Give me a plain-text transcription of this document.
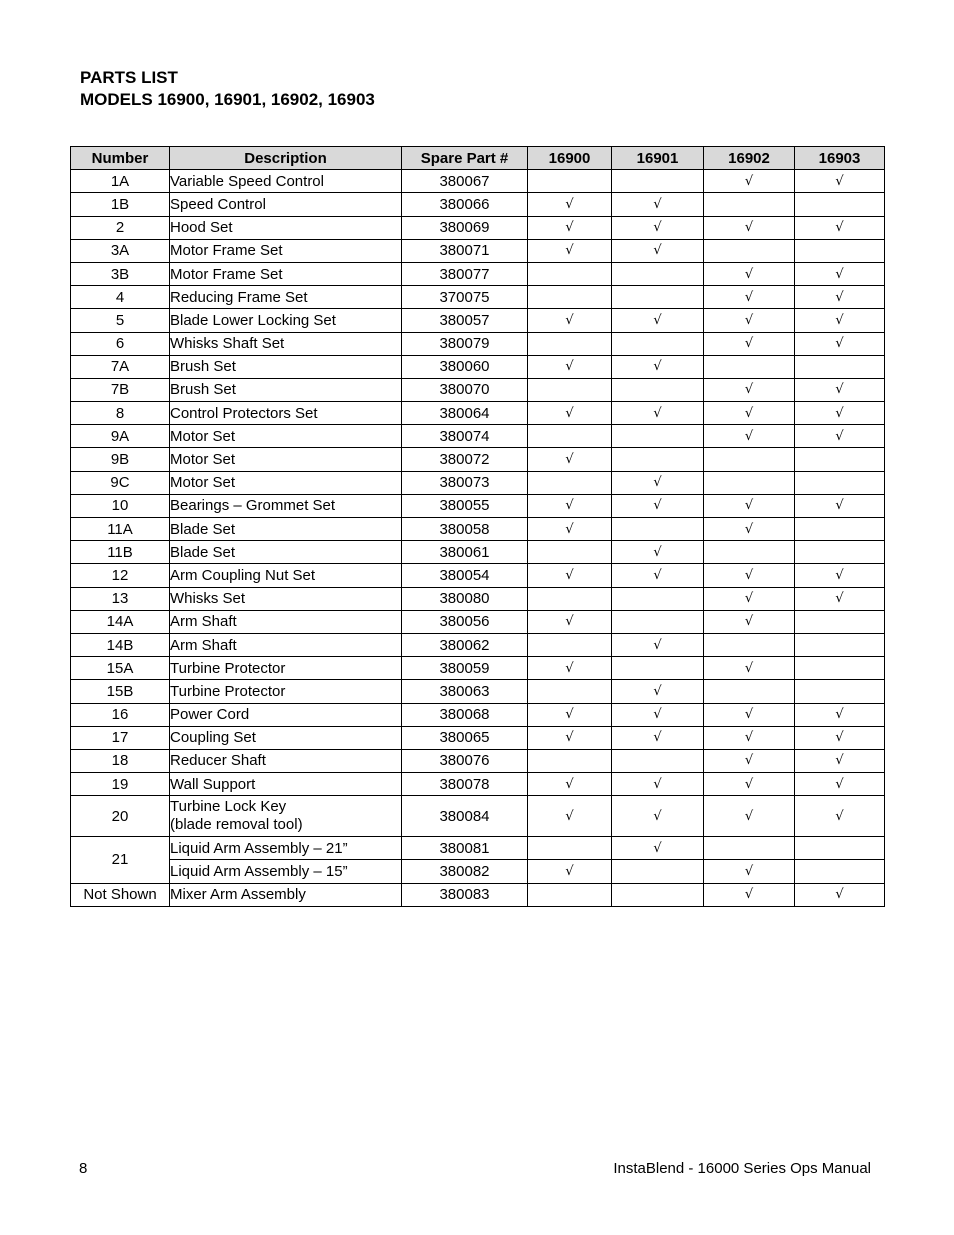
PARTS LIST
MODELS 16900, 16901, 16902, 16903
Number	Description	Spare Part #	16900	16901	16902	16903
1A	Variable Speed Control	380067			√	√
1B	Speed Control	380066	√	√		
2	Hood Set	380069	√	√	√	√
3A	Motor Frame Set	380071	√	√		
3B	Motor Frame Set	380077			√	√
4	Reducing Frame Set	370075			√	√
5	Blade Lower Locking Set	380057	√	√	√	√
6	Whisks Shaft Set	380079			√	√
7A	Brush Set	380060	√	√		
7B	Brush Set	380070			√	√
8	Control Protectors Set	380064	√	√	√	√
9A	Motor Set	380074			√	√
9B	Motor Set	380072	√			
9C	Motor Set	380073		√		
10	Bearings – Grommet Set	380055	√	√	√	√
11A	Blade Set	380058	√		√	
11B	Blade Set	380061		√		
12	Arm Coupling Nut Set	380054	√	√	√	√
13	Whisks Set	380080			√	√
14A	Arm Shaft	380056	√		√	
14B	Arm Shaft	380062		√		
15A	Turbine Protector	380059	√		√	
15B	Turbine Protector	380063		√		
16	Power Cord	380068	√	√	√	√
17	Coupling Set	380065	√	√	√	√
18	Reducer Shaft	380076			√	√
19	Wall Support	380078	√	√	√	√
20	Turbine Lock Key
(blade removal tool)	380084	√	√	√	√
21	Liquid Arm Assembly – 21”	380081		√		

	Liquid Arm Assembly – 15”	380082	√		√	
Not Shown	Mixer Arm Assembly	380083			√	√
8	InstaBlend - 16000 Series Ops Manual
